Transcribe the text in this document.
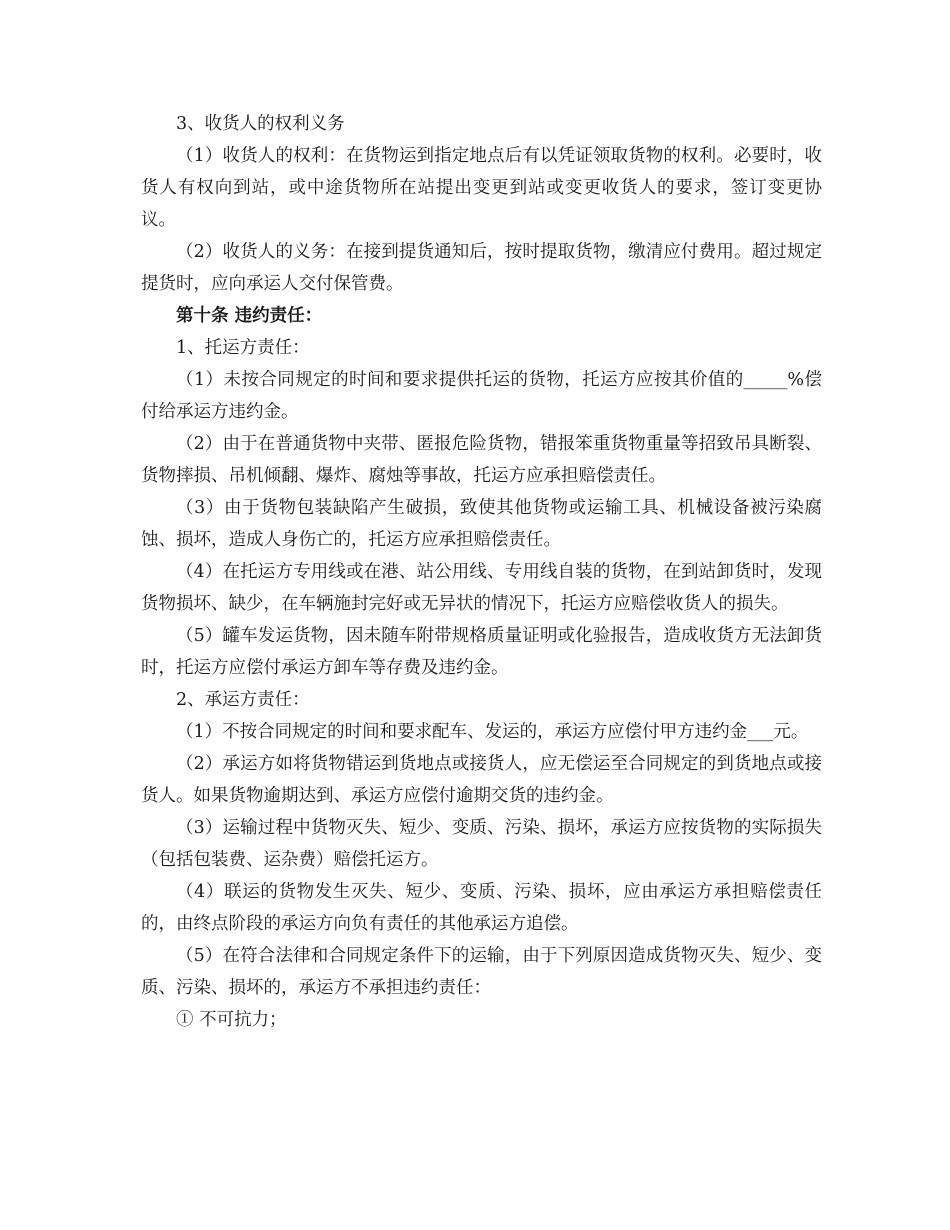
3、收货人的权利义务

（1）收货人的权利：在货物运到指定地点后有以凭证领取货物的权利。必要时，收货人有权向到站，或中途货物所在站提出变更到站或变更收货人的要求，签订变更协议。

（2）收货人的义务：在接到提货通知后，按时提取货物，缴清应付费用。超过规定提货时，应向承运人交付保管费。

第十条 违约责任：

1、托运方责任：

（1）未按合同规定的时间和要求提供托运的货物，托运方应按其价值的_____%偿付给承运方违约金。

（2）由于在普通货物中夹带、匿报危险货物，错报笨重货物重量等招致吊具断裂、货物摔损、吊机倾翻、爆炸、腐烛等事故，托运方应承担赔偿责任。

（3）由于货物包装缺陷产生破损，致使其他货物或运输工具、机械设备被污染腐蚀、损坏，造成人身伤亡的，托运方应承担赔偿责任。

（4）在托运方专用线或在港、站公用线、专用线自装的货物，在到站卸货时，发现货物损坏、缺少，在车辆施封完好或无异状的情况下，托运方应赔偿收货人的损失。

（5）罐车发运货物，因未随车附带规格质量证明或化验报告，造成收货方无法卸货时，托运方应偿付承运方卸车等存费及违约金。

2、承运方责任：

（1）不按合同规定的时间和要求配车、发运的，承运方应偿付甲方违约金___元。

（2）承运方如将货物错运到货地点或接货人，应无偿运至合同规定的到货地点或接货人。如果货物逾期达到、承运方应偿付逾期交货的违约金。

（3）运输过程中货物灭失、短少、变质、污染、损坏，承运方应按货物的实际损失（包括包装费、运杂费）赔偿托运方。

（4）联运的货物发生灭失、短少、变质、污染、损坏，应由承运方承担赔偿责任的，由终点阶段的承运方向负有责任的其他承运方追偿。

（5）在符合法律和合同规定条件下的运输，由于下列原因造成货物灭失、短少、变质、污染、损坏的，承运方不承担违约责任：

① 不可抗力；
